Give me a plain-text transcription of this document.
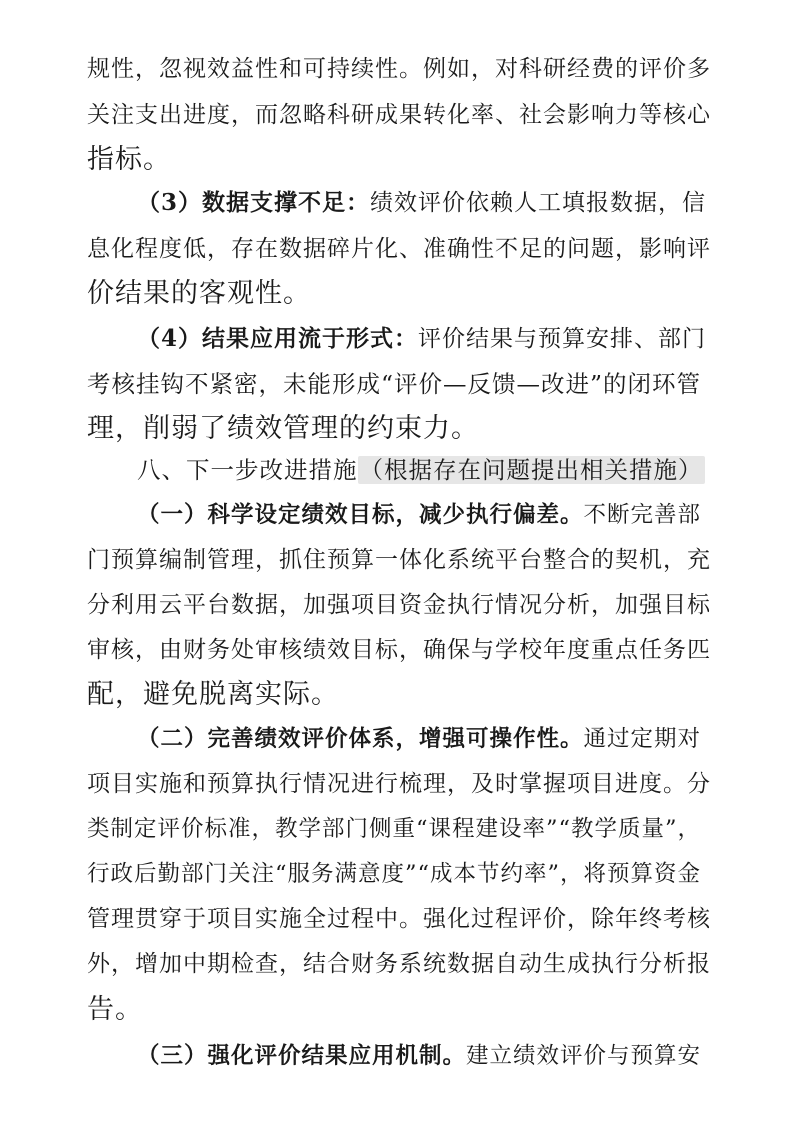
规性，忽视效益性和可持续性。例如，对科研经费的评价多
关注支出进度，而忽略科研成果转化率、社会影响力等核心
指标。
（3）数据支撑不足：绩效评价依赖人工填报数据，信
息化程度低，存在数据碎片化、准确性不足的问题，影响评
价结果的客观性。
（4）结果应用流于形式：评价结果与预算安排、部门
考核挂钩不紧密，未能形成“评价—反馈—改进”的闭环管
理，削弱了绩效管理的约束力。
八、下一步改进措施（根据存在问题提出相关措施）
（一）科学设定绩效目标，减少执行偏差。不断完善部
门预算编制管理，抓住预算一体化系统平台整合的契机，充
分利用云平台数据，加强项目资金执行情况分析，加强目标
审核，由财务处审核绩效目标，确保与学校年度重点任务匹
配，避免脱离实际。
（二）完善绩效评价体系，增强可操作性。通过定期对
项目实施和预算执行情况进行梳理，及时掌握项目进度。分
类制定评价标准，教学部门侧重“课程建设率”“教学质量”，
行政后勤部门关注“服务满意度”“成本节约率”，将预算资金
管理贯穿于项目实施全过程中。强化过程评价，除年终考核
外，增加中期检查，结合财务系统数据自动生成执行分析报
告。
（三）强化评价结果应用机制。建立绩效评价与预算安
